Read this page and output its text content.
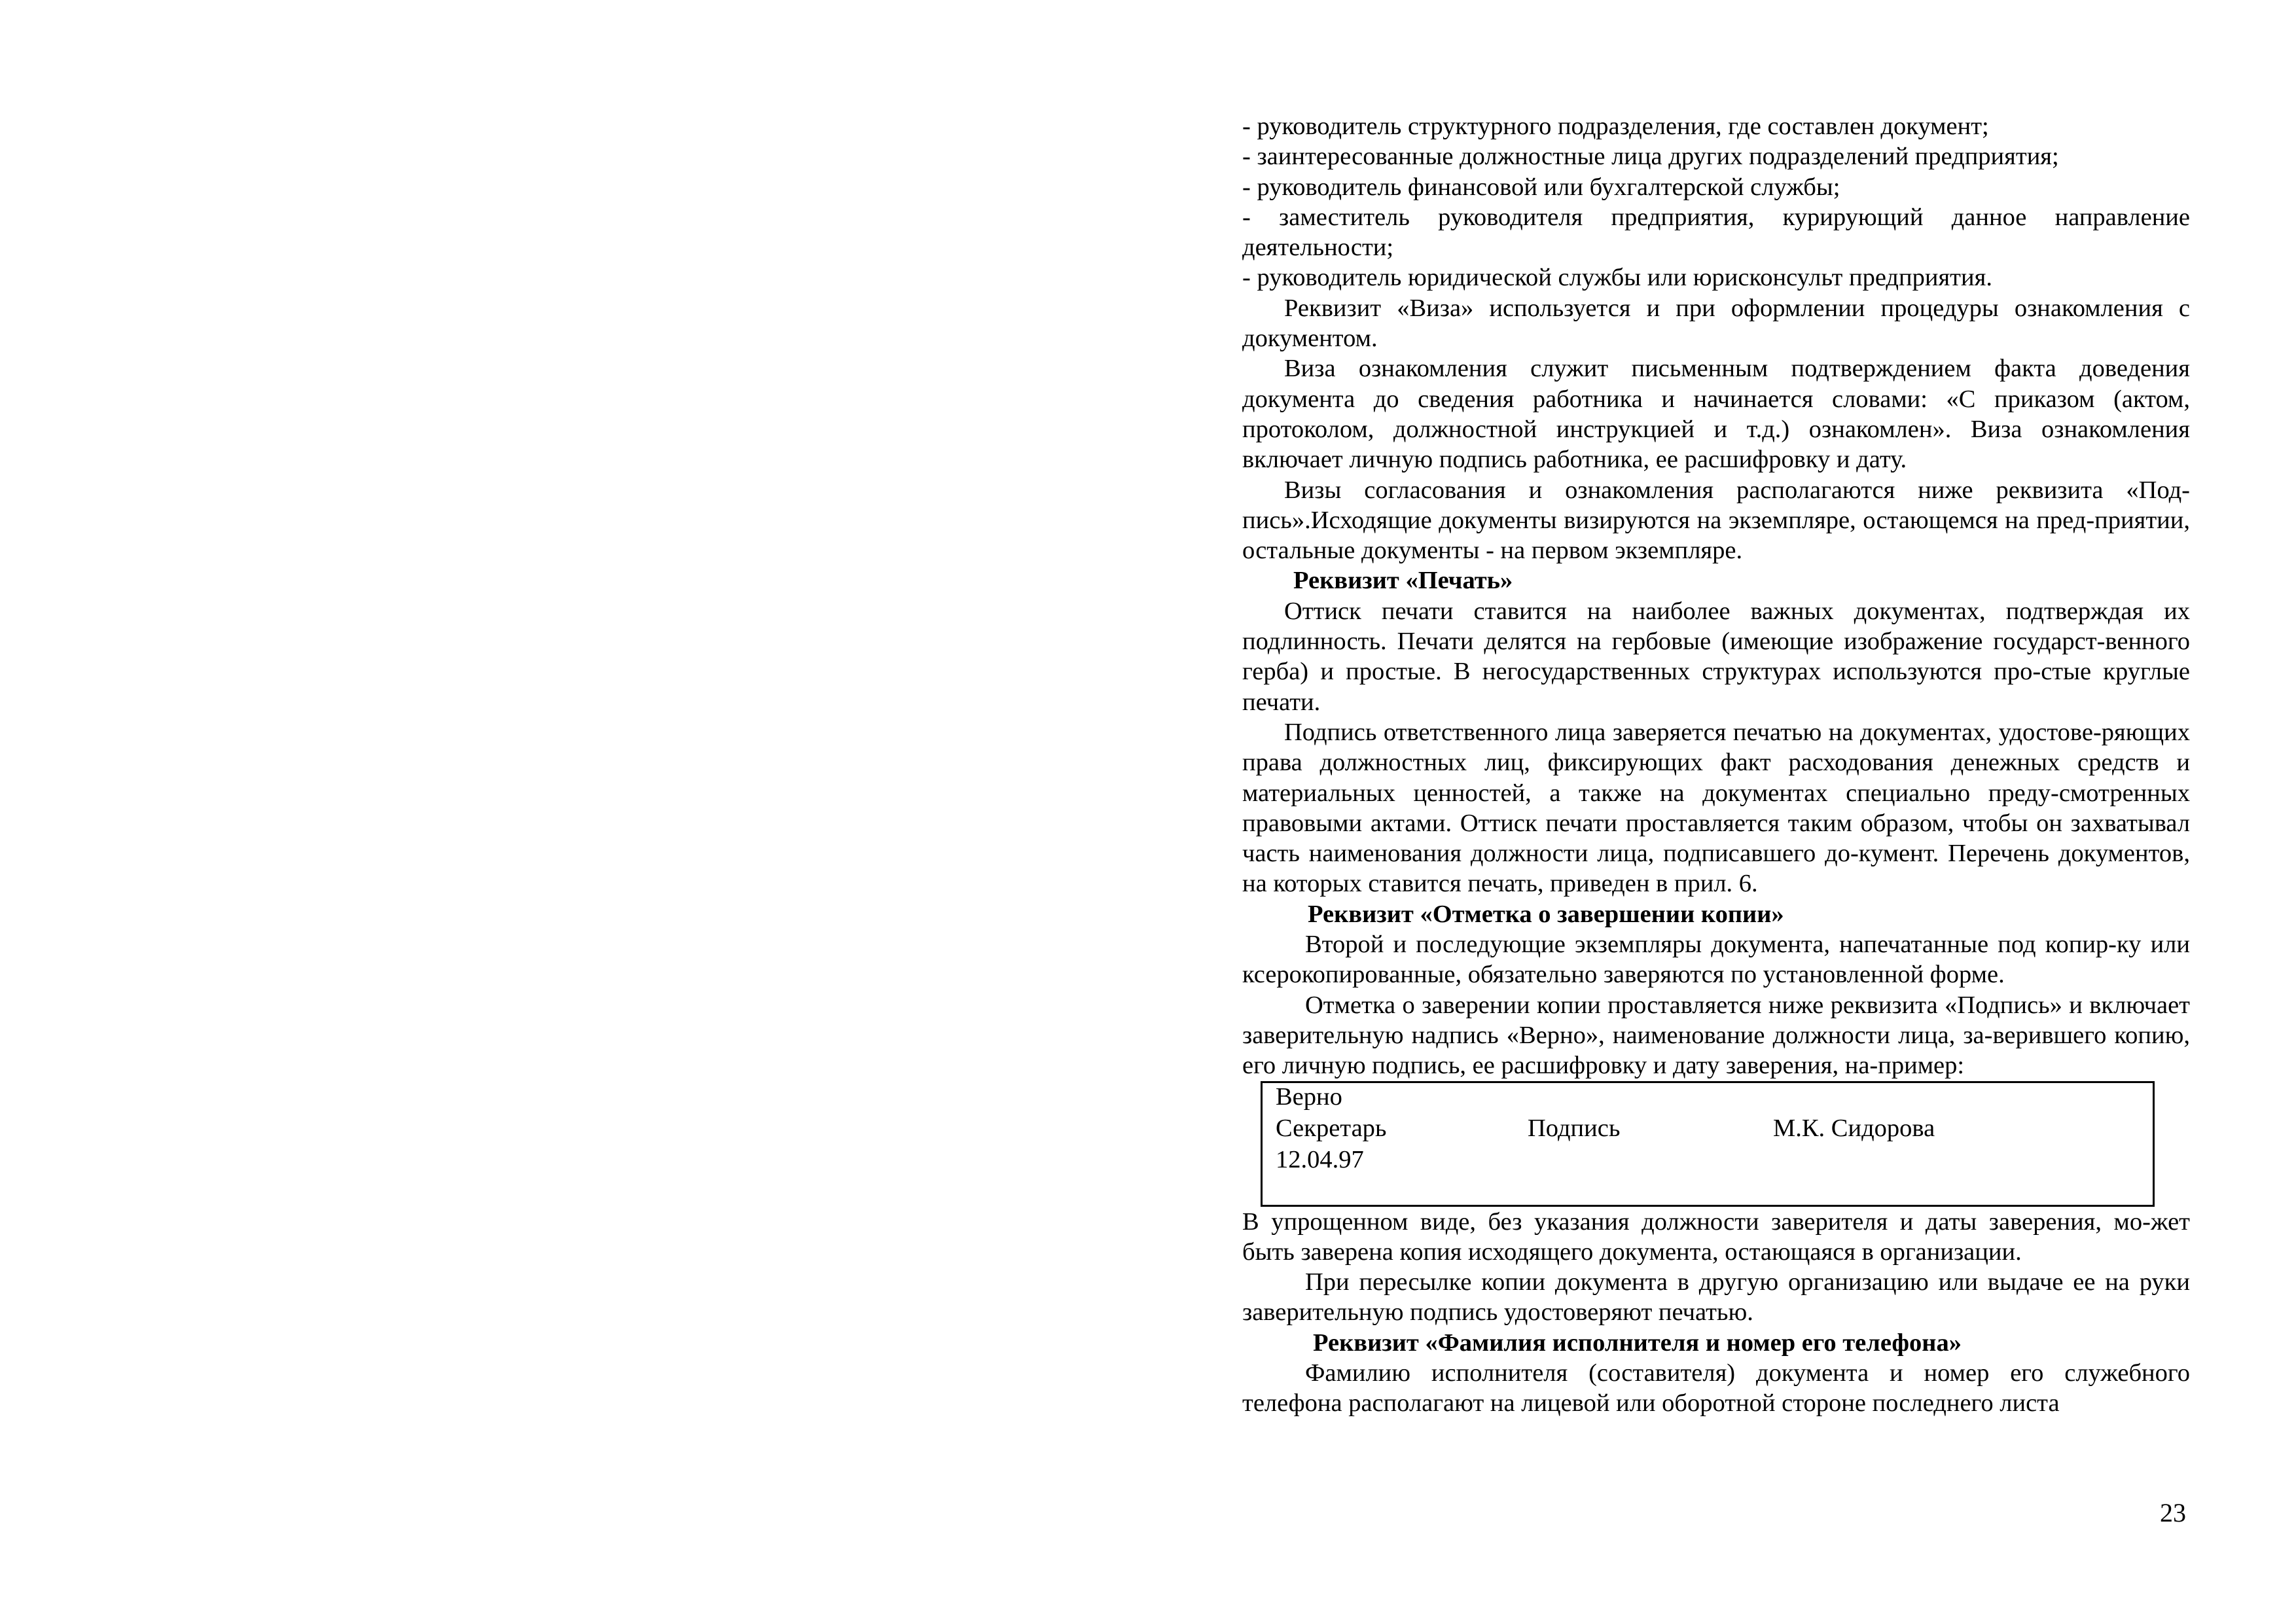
- руководитель структурного подразделения, где составлен документ;

- заинтересованные должностные лица других подразделений предприятия;

- руководитель финансовой или бухгалтерской службы;

- заместитель руководителя предприятия, курирующий данное направление деятельности;

- руководитель юридической службы или юрисконсульт предприятия.

Реквизит «Виза» используется и при оформлении процедуры ознакомления с документом.

Виза ознакомления служит письменным подтверждением факта доведения документа до сведения работника и начинается словами: «С приказом (актом, протоколом, должностной инструкцией и т.д.) ознакомлен». Виза ознакомления включает личную подпись работника, ее расшифровку и дату.

Визы согласования и ознакомления располагаются ниже реквизита «Под-пись».Исходящие документы визируются на экземпляре, остающемся на пред-приятии, остальные документы - на первом экземпляре.

Реквизит «Печать»

Оттиск печати ставится на наиболее важных документах, подтверждая их подлинность. Печати делятся на гербовые (имеющие изображение государст-венного герба) и простые. В негосударственных структурах используются про-стые круглые печати.

Подпись ответственного лица заверяется печатью на документах, удостове-ряющих права должностных лиц, фиксирующих факт расходования денежных средств и материальных ценностей, а также на документах специально преду-смотренных правовыми актами. Оттиск печати проставляется таким образом, чтобы он захватывал часть наименования должности лица, подписавшего до-кумент. Перечень документов, на которых ставится печать, приведен в прил. 6.

Реквизит «Отметка о завершении копии»

Второй и последующие экземпляры документа, напечатанные под копир-ку или ксерокопированные, обязательно заверяются по установленной форме.

Отметка о заверении копии проставляется ниже реквизита «Подпись» и включает заверительную надпись «Верно», наименование должности лица, за-верившего копию, его личную подпись, ее расшифровку и дату заверения, на-пример:

Верно
Секретарь	Подпись	М.К. Сидорова
12.04.97

В упрощенном виде, без указания должности заверителя и даты заверения, мо-жет быть заверена копия исходящего документа, остающаяся в организации.

При пересылке копии документа в другую организацию или выдаче ее на руки заверительную подпись удостоверяют печатью.

Реквизит «Фамилия исполнителя и номер его телефона»

Фамилию исполнителя (составителя) документа и номер его служебного телефона располагают на лицевой или оборотной стороне последнего листа

23
